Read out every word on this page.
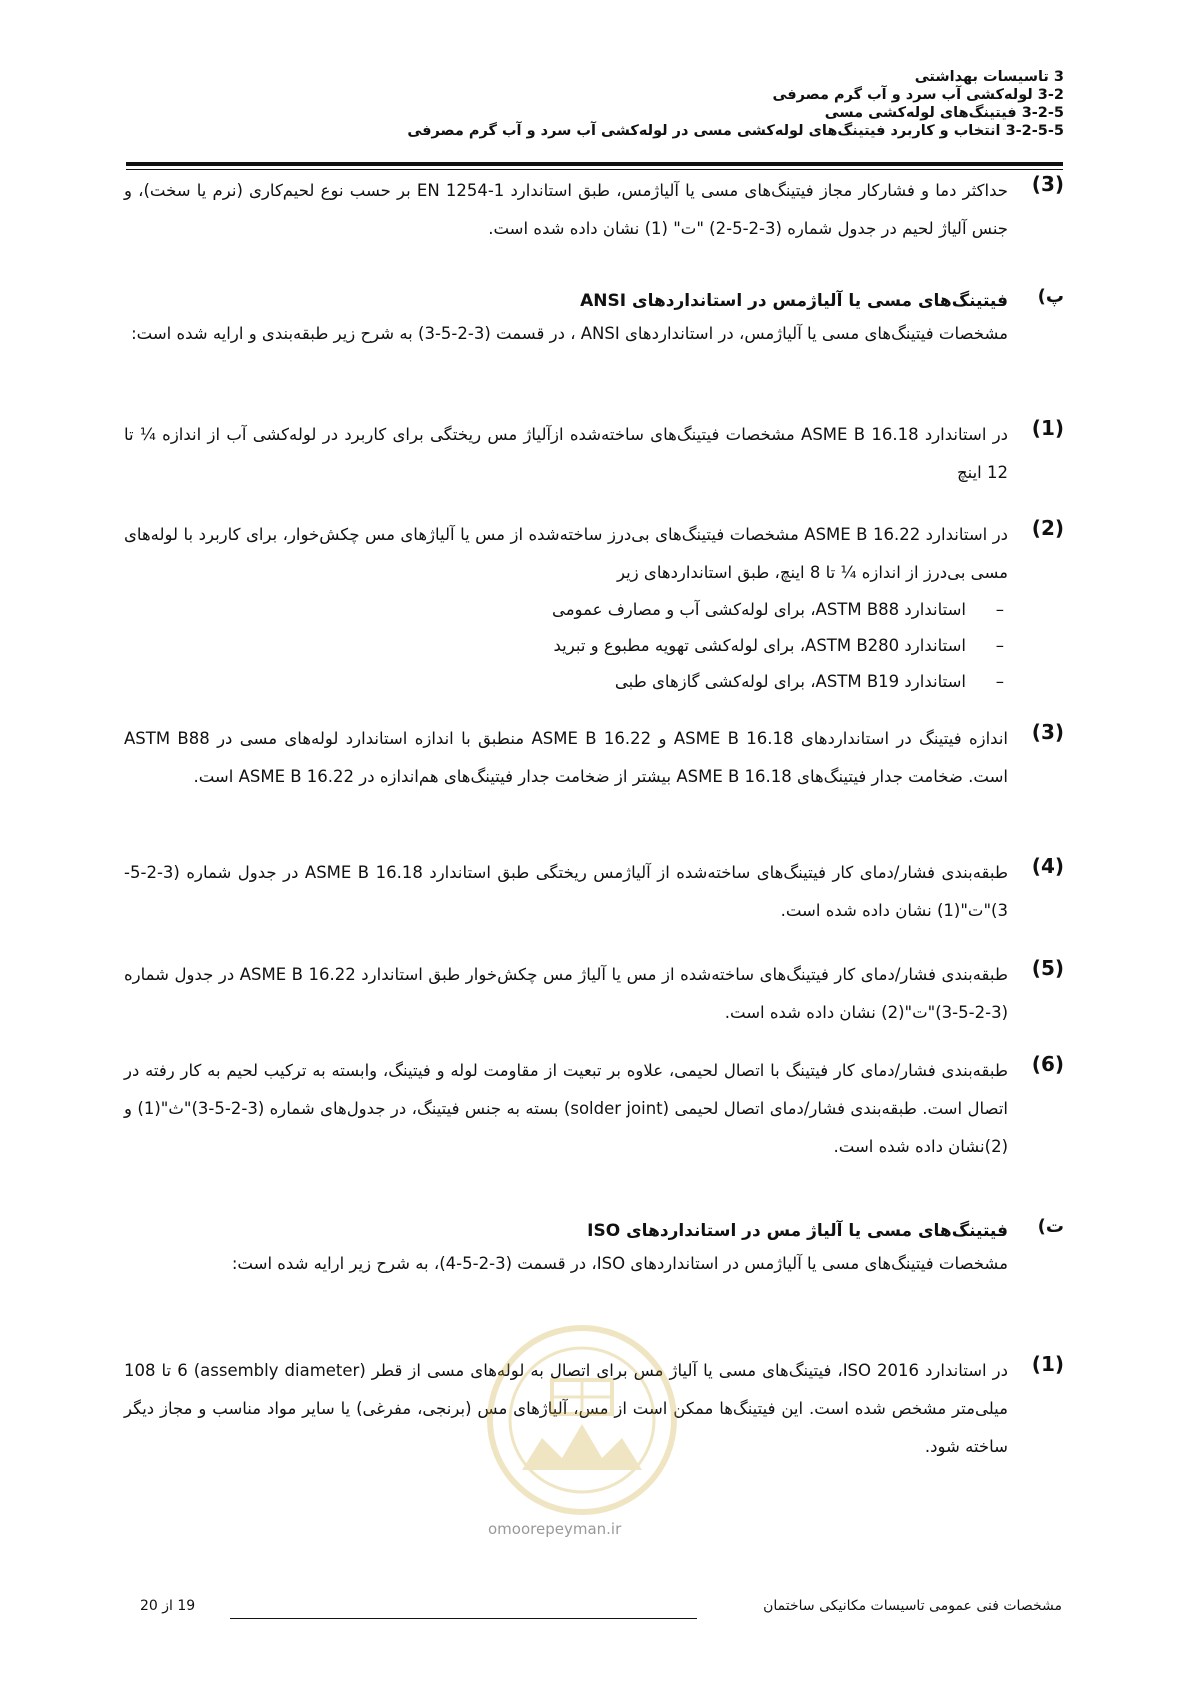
3 تاسیسات بهداشتی
3-2 لوله‌کشی آب سرد و آب گرم مصرفی
3-2-5 فیتینگ‌های لوله‌کشی مسی
3-2-5-5 انتخاب و کاربرد فیتینگ‌های لوله‌کشی مسی در لوله‌کشی آب سرد و آب گرم مصرفی
(3)
حداکثر دما و فشارکار مجاز فیتینگ‌های مسی یا آلیاژمس، طبق استاندارد EN 1254-1 بر حسب نوع لحیم‌کاری (نرم یا سخت)، و جنس آلیاژ لحیم در جدول شماره (3-2-5-2) "ت" (1) نشان داده شده است.
پ)
فیتینگ‌های مسی یا آلیاژمس در استانداردهای ANSI
مشخصات فیتینگ‌های مسی یا آلیاژمس، در استانداردهای ANSI ، در قسمت (3-2-5-3) به شرح زیر طبقه‌بندی و ارایه شده است:
(1)
در استاندارد ASME B 16.18 مشخصات فیتینگ‌های ساخته‌شده ازآلیاژ مس ریختگی برای کاربرد در لوله‌کشی آب از اندازه ¼ تا 12 اینچ
(2)
در استاندارد ASME B 16.22 مشخصات فیتینگ‌های بی‌درز ساخته‌شده از مس یا آلیاژهای مس چکش‌خوار، برای کاربرد با لوله‌های مسی بی‌درز از اندازه ¼ تا 8 اینچ، طبق استانداردهای زیر
–
استاندارد ASTM B88، برای لوله‌کشی آب و مصارف عمومی
–
استاندارد ASTM B280، برای لوله‌کشی تهویه مطبوع و تبرید
–
استاندارد ASTM B19، برای لوله‌کشی گازهای طبی
(3)
اندازه فیتینگ در استانداردهای ASME B 16.18 و ASME B 16.22 منطبق با اندازه استاندارد لوله‌های مسی در ASTM B88 است. ضخامت جدار فیتینگ‌های ASME B 16.18 بیشتر از ضخامت جدار فیتینگ‌های هم‌اندازه در ASME B 16.22 است.
(4)
طبقه‌بندی فشار/دمای کار فیتینگ‌های ساخته‌شده از آلیاژمس ریختگی طبق استاندارد ASME B 16.18 در جدول شماره (3-2-5-3)"ت"(1) نشان داده شده است.
(5)
طبقه‌بندی فشار/دمای کار فیتینگ‌های ساخته‌شده از مس یا آلیاژ مس چکش‌خوار طبق استاندارد ASME B 16.22 در جدول شماره (3-2-5-3)"ت"(2) نشان داده شده است.
(6)
طبقه‌بندی فشار/دمای کار فیتینگ با اتصال لحیمی، علاوه بر تبعیت از مقاومت لوله و فیتینگ، وابسته به ترکیب لحیم به کار رفته در اتصال است. طبقه‌بندی فشار/دمای اتصال لحیمی (solder joint) بسته به جنس فیتینگ، در جدول‌های شماره (3-2-5-3)"ث"(1) و (2)نشان داده شده است.
ت)
فیتینگ‌های مسی یا آلیاژ مس در استانداردهای ISO
مشخصات فیتینگ‌های مسی یا آلیاژمس در استانداردهای ISO، در قسمت (3-2-5-4)، به شرح زیر ارایه شده است:
(1)
در استاندارد ISO 2016، فیتینگ‌های مسی یا آلیاژ مس برای اتصال به لوله‌های مسی از قطر (assembly diameter) 6 تا 108 میلی‌متر مشخص شده است. این فیتینگ‌ها ممکن است از مس، آلیاژهای مس (برنجی، مفرغی) یا سایر مواد مناسب و مجاز دیگر ساخته شود.
omoorepeyman.ir
مشخصات فنی عمومی تاسیسات مکانیکی ساختمان
19 از 20
